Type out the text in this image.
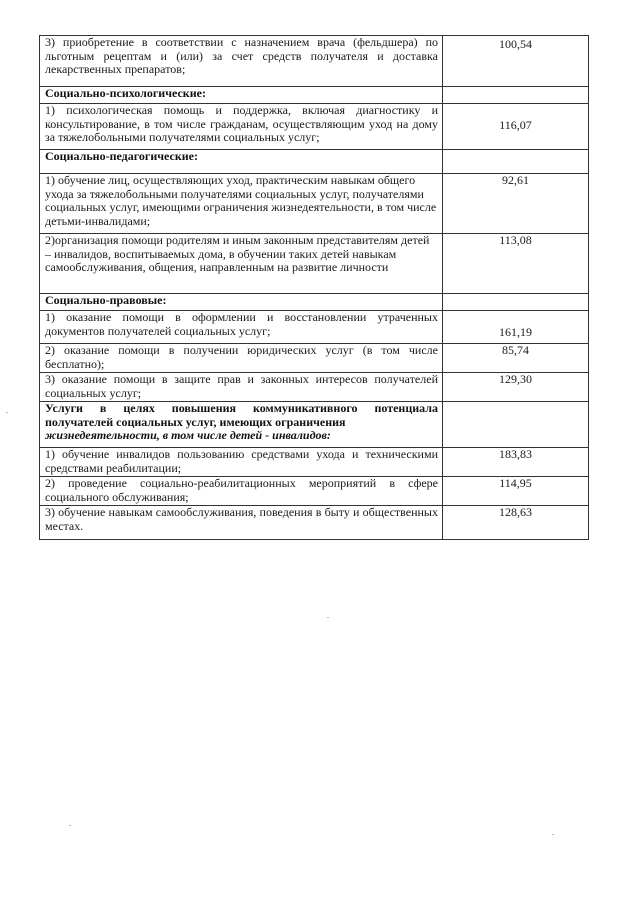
3) приобретение в соответствии с назначением врача (фельдшера) по льготным рецептам и (или) за счет средств получателя и доставка лекарственных препаратов;
100,54
Социально-психологические:
1) психологическая помощь и поддержка, включая диагностику и консультирование, в том числе гражданам, осуществляющим уход на дому за тяжелобольными получателями социальных услуг;
116,07
Социально-педагогические:
1) обучение лиц, осуществляющих уход, практическим навыкам общего ухода за тяжелобольными получателями социальных услуг, получателями социальных услуг, имеющими ограничения жизнедеятельности, в том числе детьми-инвалидами;
92,61
2)организация помощи родителям и иным законным представителям детей – инвалидов, воспитываемых дома, в обучении таких детей навыкам самообслуживания, общения, направленным на развитие личности
113,08
Социально-правовые:
1) оказание помощи в оформлении и восстановлении утраченных документов получателей социальных услуг;	161,19
2) оказание помощи в получении юридических услуг (в том числе бесплатно);
85,74
3) оказание помощи в защите прав и законных интересов получателей социальных услуг;
129,30
Услуги в целях повышения коммуникативного потенциала получателей социальных услуг, имеющих ограничения
жизнедеятельности, в том числе детей - инвалидов:
1) обучение инвалидов пользованию средствами ухода и техническими средствами реабилитации;
183,83
2) проведение социально-реабилитационных мероприятий в сфере социального обслуживания;
114,95
3) обучение навыкам самообслуживания, поведения в быту и общественных местах.
128,63
